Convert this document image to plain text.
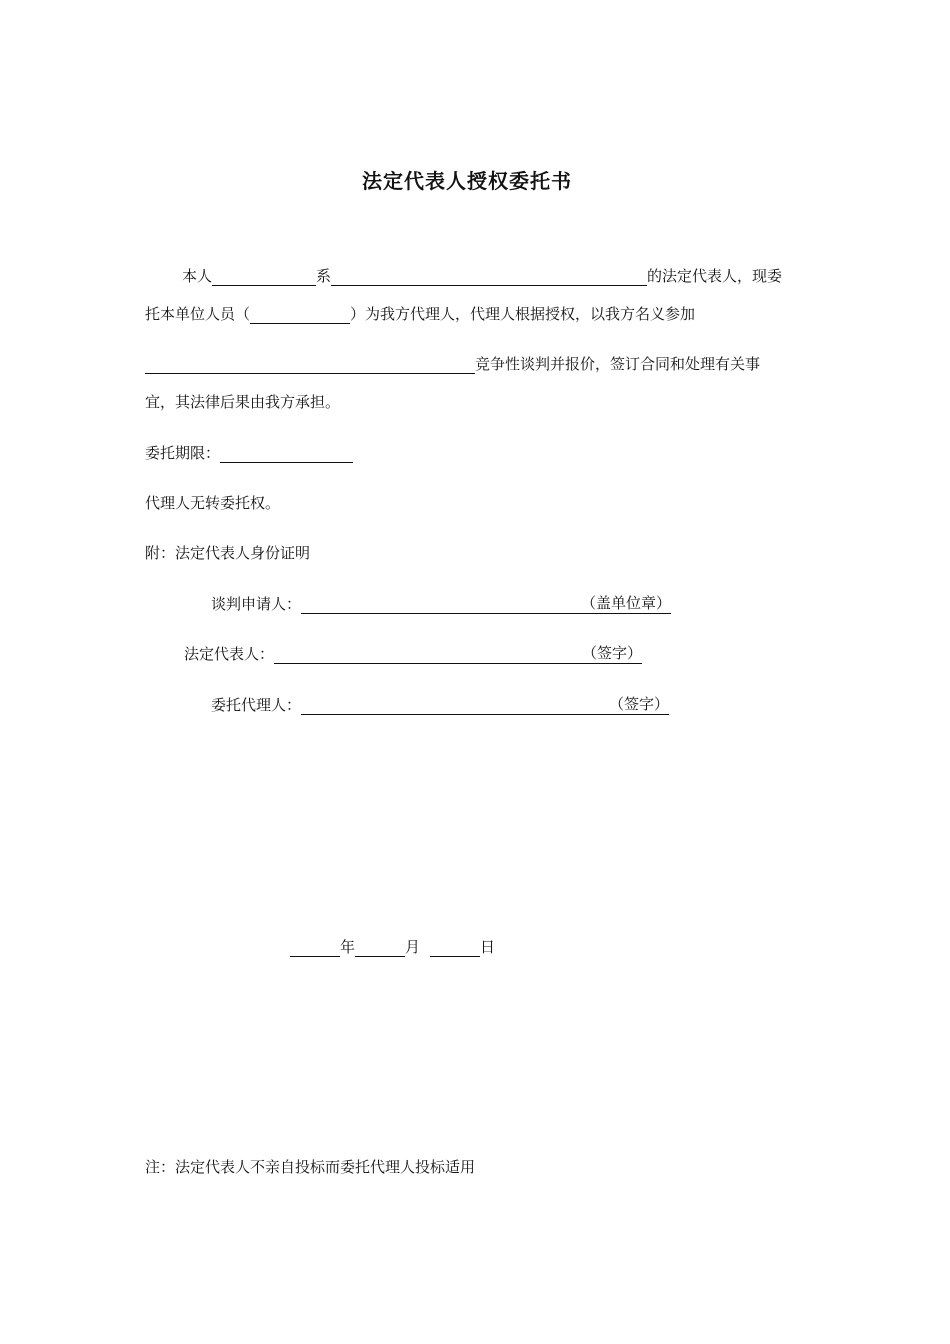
法定代表人授权委托书
本人	系	的法定代表人，现委
托本单位人员（	）为我方代理人，代理人根据授权，以我方名义参加
竞争性谈判并报价，签订合同和处理有关事
宜，其法律后果由我方承担。
委托期限：
代理人无转委托权。
附：法定代表人身份证明
谈判申请人：	（盖单位章）
法定代表人：	（签字）
委托代理人：	（签字）
年	月	日
注：法定代表人不亲自投标而委托代理人投标适用
